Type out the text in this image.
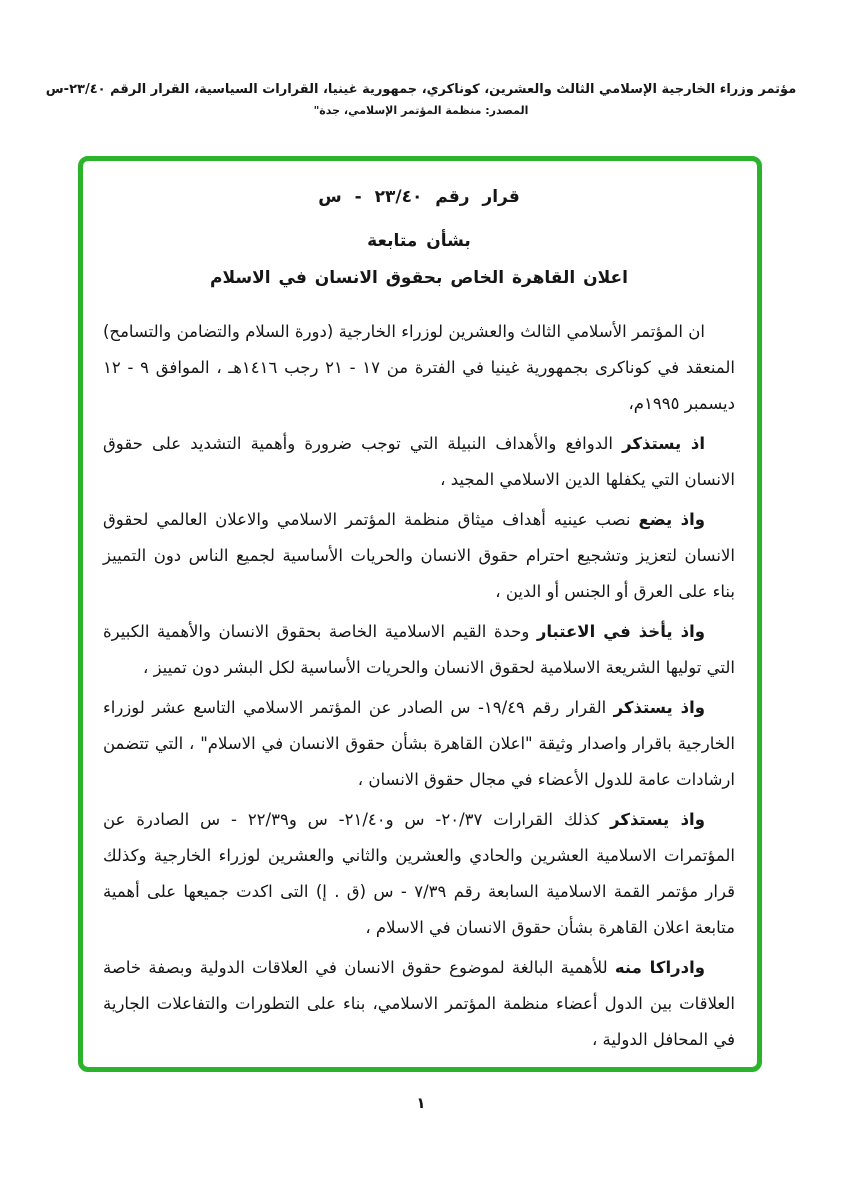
مؤتمر وزراء الخارجية الإسلامي الثالث والعشرين، كوناكري، جمهورية غينيا، القرارات السياسية، القرار الرقم ٢٣/٤٠-س
المصدر: منظمة المؤتمر الإسلامي، جدة"
قرار رقم ٢٣/٤٠ - س
بشأن متابعة
اعلان القاهرة الخاص بحقوق الانسان في الاسلام

ان المؤتمر الأسلامي الثالث والعشرين لوزراء الخارجية (دورة السلام والتضامن والتسامح) المنعقد في كوناكرى بجمهورية غينيا في الفترة من ١٧ - ٢١ رجب ١٤١٦هـ ، الموافق ٩ - ١٢ ديسمبر ١٩٩٥م،

اذ يستذكر الدوافع والأهداف النبيلة التي توجب ضرورة وأهمية التشديد على حقوق الانسان التي يكفلها الدين الاسلامي المجيد ،

واذ يضع نصب عينيه أهداف ميثاق منظمة المؤتمر الاسلامي والاعلان العالمي لحقوق الانسان لتعزيز وتشجيع احترام حقوق الانسان والحريات الأساسية لجميع الناس دون التمييز بناء على العرق أو الجنس أو الدين ،

واذ يأخذ في الاعتبار وحدة القيم الاسلامية الخاصة بحقوق الانسان والأهمية الكبيرة التي توليها الشريعة الاسلامية لحقوق الانسان والحريات الأساسية لكل البشر دون تمييز ،

واذ يستذكر القرار رقم ١٩/٤٩- س الصادر عن المؤتمر الاسلامي التاسع عشر لوزراء الخارجية باقرار واصدار وثيقة "اعلان القاهرة بشأن حقوق الانسان في الاسلام" ، التي تتضمن ارشادات عامة للدول الأعضاء في مجال حقوق الانسان ،

واذ يستذكر كذلك القرارات ٢٠/٣٧- س و٢١/٤٠- س و٢٢/٣٩ - س الصادرة عن المؤتمرات الاسلامية العشرين والحادي والعشرين والثاني والعشرين لوزراء الخارجية وكذلك قرار مؤتمر القمة الاسلامية السابعة رقم ٧/٣٩ - س (ق . إ) التى اكدت جميعها على أهمية متابعة اعلان القاهرة بشأن حقوق الانسان في الاسلام ،

وادراكا منه للأهمية البالغة لموضوع حقوق الانسان في العلاقات الدولية وبصفة خاصة العلاقات بين الدول أعضاء منظمة المؤتمر الاسلامي، بناء على التطورات والتفاعلات الجارية في المحافل الدولية ،

١
